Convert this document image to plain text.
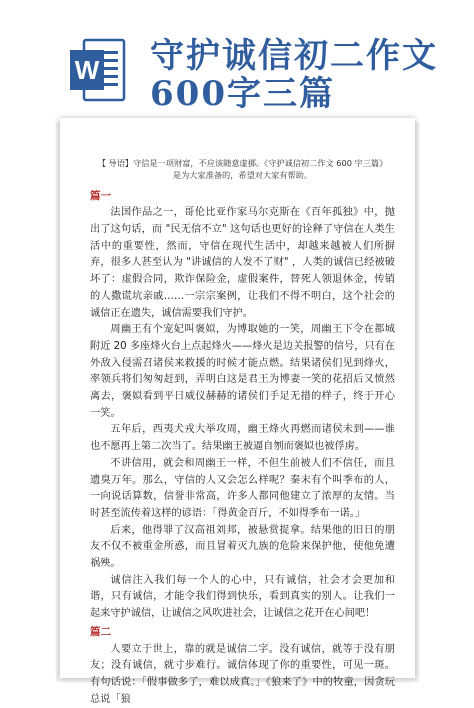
W 守护诚信初二作文
600字三篇

【 导语】守信是一项财富，不应该随意虚掷。《守护诚信初二作文 600 字三篇》是为大家准备的，希望对大家有帮助。

篇一

法国作品之一，哥伦比亚作家马尔克斯在《百年孤独》中，抛出了这句话，而 "民无信不立" 这句话也更好的诠释了守信在人类生活中的重要性，然而，守信在现代生活中，却越来越被人们所摒弃，很多人甚至认为 "讲诚信的人发不了财" ，人类的诚信已经被破坏了：虚假合同，欺诈保险金，虚假案件，替死人领退休金，传销的人撒谎坑亲戚……一宗宗案例，让我们不得不明白，这个社会的诚信正在遗失，诚信需要我们守护。

周幽王有个宠妃叫褒姒，为博取她的一笑，周幽王下令在都城附近 20 多座烽火台上点起烽火——烽火是边关报警的信号，只有在外敌入侵需召诸侯来救援的时候才能点燃。结果诸侯们见到烽火，率领兵将们匆匆赶到，弄明白这是君王为博妻一笑的花招后又愤然离去，褒姒看到平日威仪赫赫的诸侯们手足无措的样子，终于开心一笑。

五年后，西夷犬戎大举攻周，幽王烽火再燃而诸侯未到——谁也不愿再上第二次当了。结果幽王被逼自刎而褒姒也被俘虏。

不讲信用，就会和周幽王一样，不但生前被人们不信任，而且遗臭万年。那么，守信的人又会怎么样呢？秦末有个叫季布的人，一向说话算数，信誉非常高，许多人都同他建立了浓厚的友情。当时甚至流传着这样的谚语：「得黄金百斤，不如得季布一诺。」

后来，他得罪了汉高祖刘邦，被悬赏捉拿。结果他的旧日的朋友不仅不被重金所惑，而且冒着灭九族的危险来保护他，使他免遭祸殃。

诚信注入我们每一个人的心中，只有诚信，社会才会更加和谐，只有诚信，才能令我们得到快乐，看到真实的别人。让我们一起来守护诚信，让诚信之风吹进社会，让诚信之花开在心间吧！

篇二

人要立于世上，靠的就是诚信二字。没有诚信，就等于没有朋友；没有诚信，就寸步难行。诚信体现了你的重要性，可见一斑。有句话说：「假事做多了，难以成真。」《狼来了》中的牧童，因贪玩总说「狼
